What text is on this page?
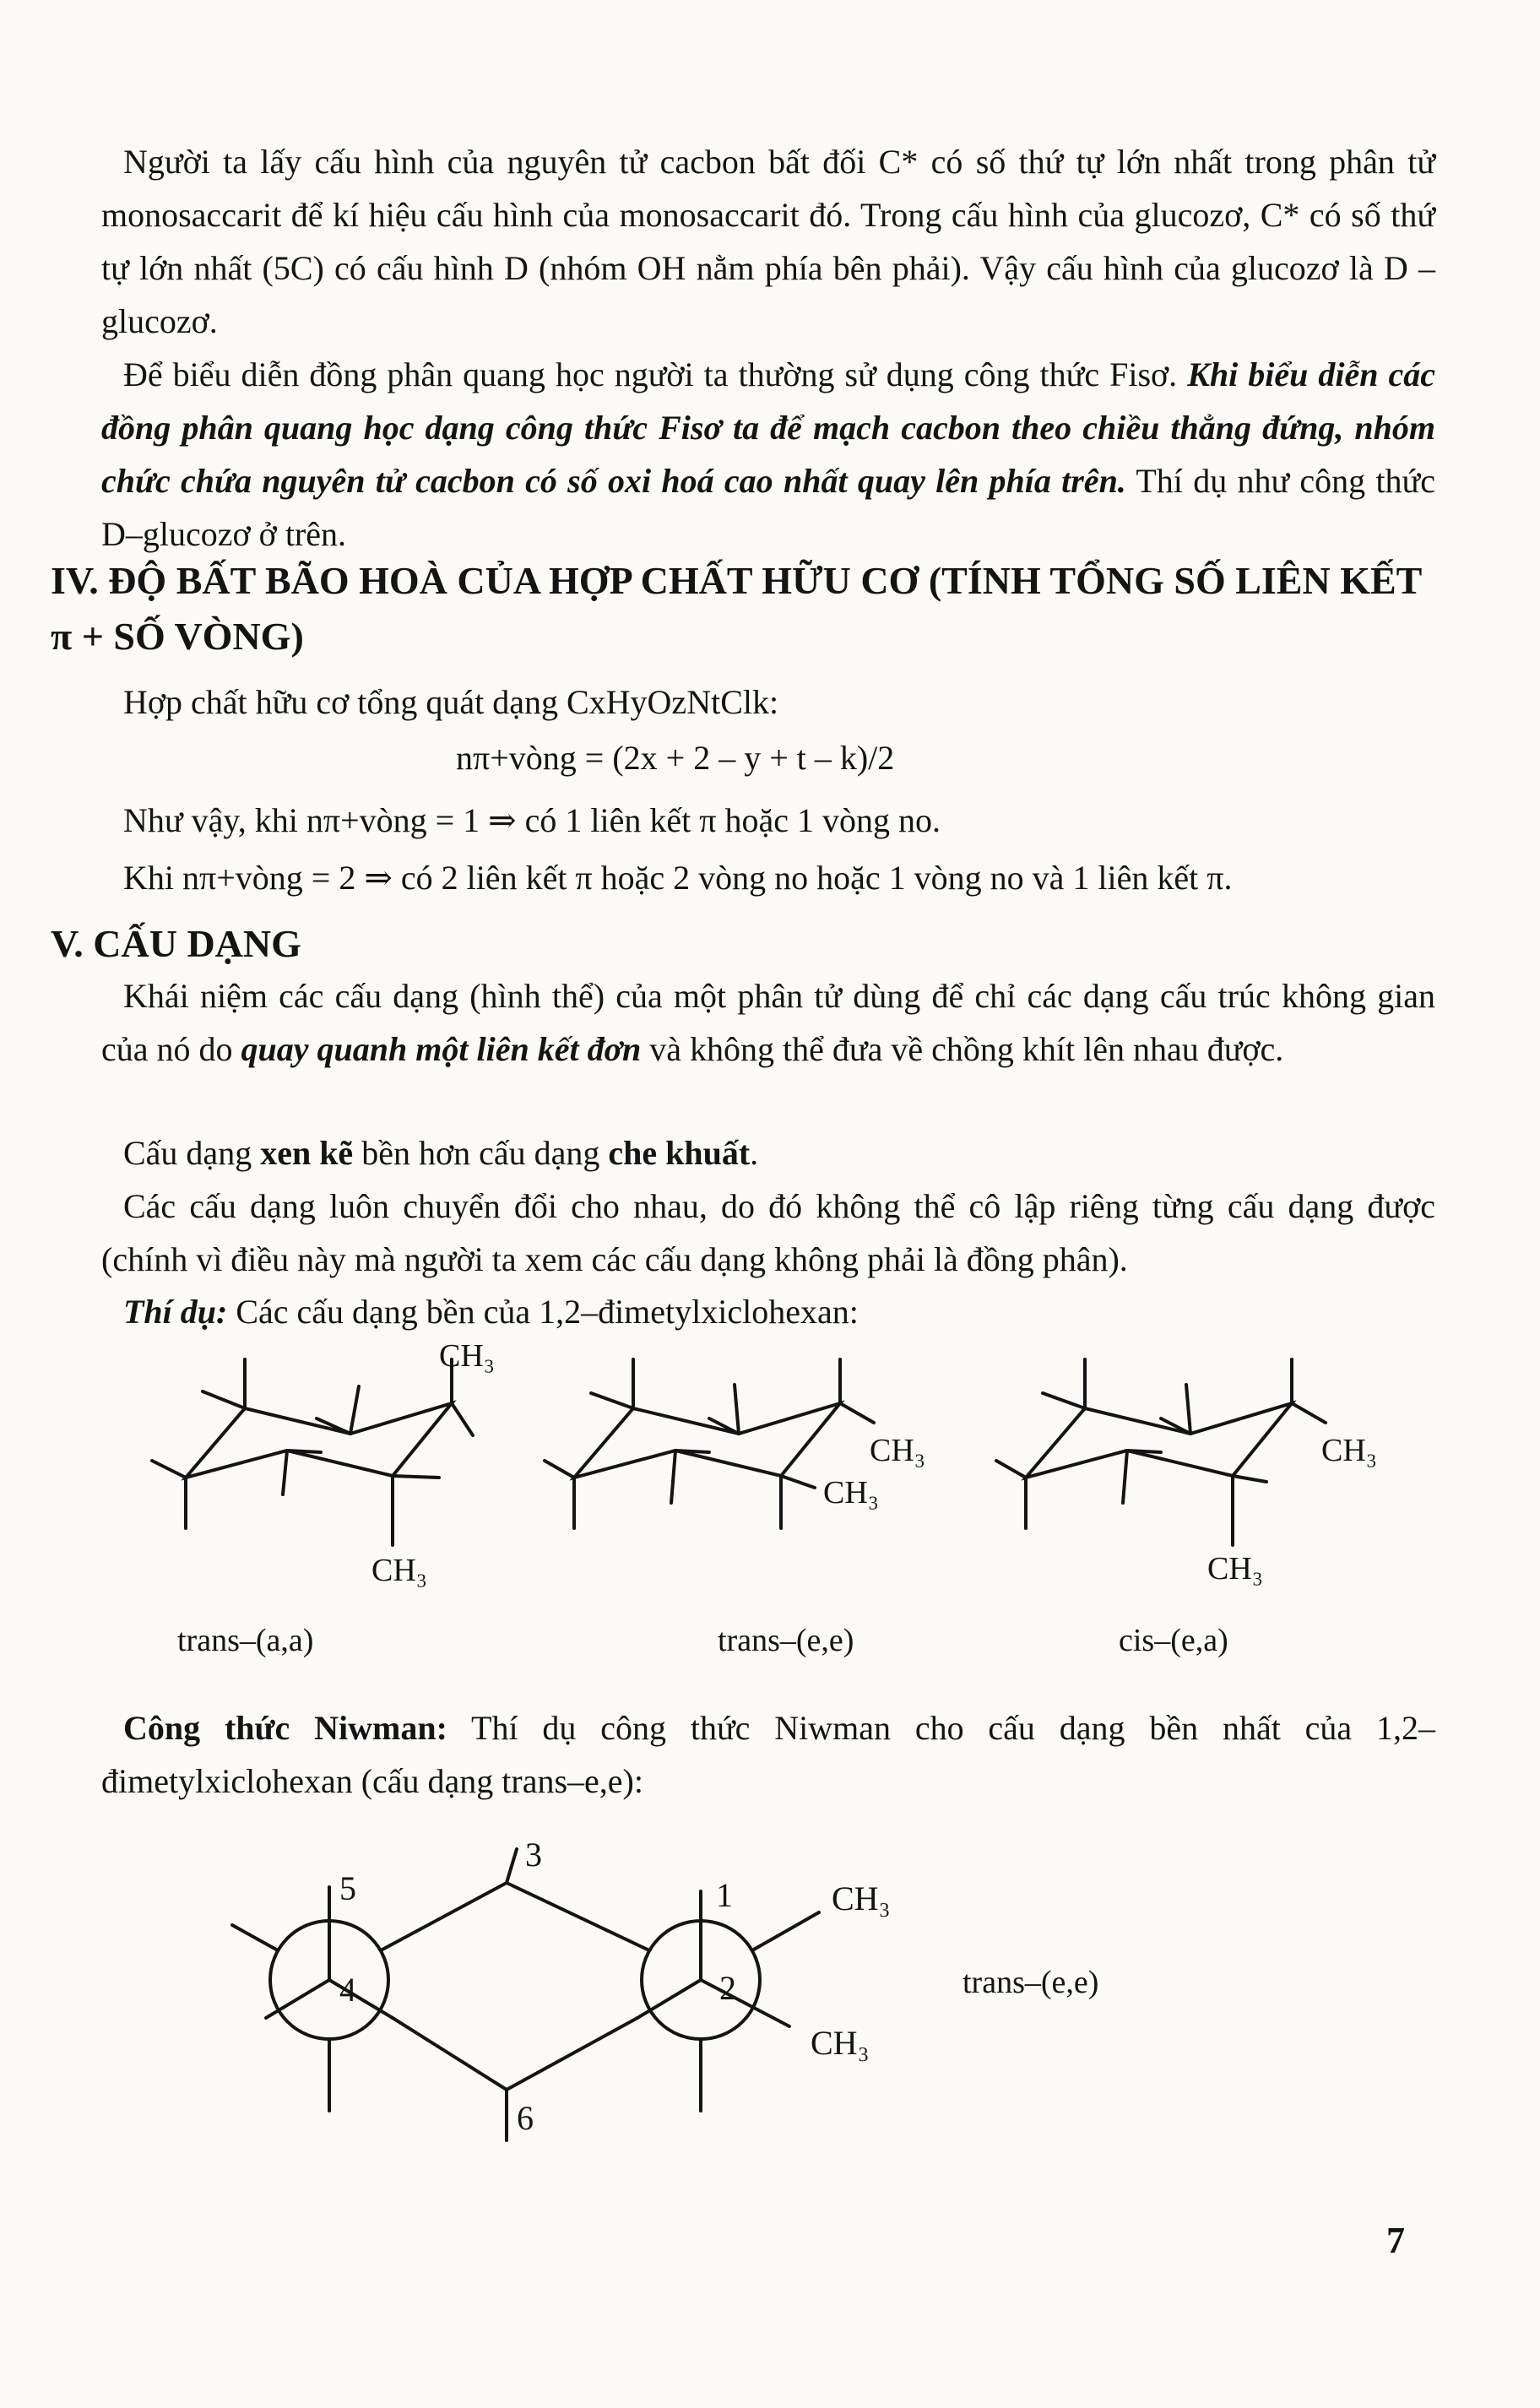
Người ta lấy cấu hình của nguyên tử cacbon bất đối C* có số thứ tự lớn nhất trong phân tử monosaccarit để kí hiệu cấu hình của monosaccarit đó. Trong cấu hình của glucozơ, C* có số thứ tự lớn nhất (5C) có cấu hình D (nhóm OH nằm phía bên phải). Vậy cấu hình của glucozơ là D – glucozơ.
Để biểu diễn đồng phân quang học người ta thường sử dụng công thức Fisơ. Khi biểu diễn các đồng phân quang học dạng công thức Fisơ ta để mạch cacbon theo chiều thẳng đứng, nhóm chức chứa nguyên tử cacbon có số oxi hoá cao nhất quay lên phía trên. Thí dụ như công thức D–glucozơ ở trên.
IV. ĐỘ BẤT BÃO HOÀ CỦA HỢP CHẤT HỮU CƠ (TÍNH TỔNG SỐ LIÊN KẾT π + SỐ VÒNG)
Hợp chất hữu cơ tổng quát dạng CxHyOzNtClk:
nπ+vòng = (2x + 2 – y + t – k)/2
Như vậy, khi nπ+vòng = 1 ⇒ có 1 liên kết π hoặc 1 vòng no.
Khi nπ+vòng = 2 ⇒ có 2 liên kết π hoặc 2 vòng no hoặc 1 vòng no và 1 liên kết π.
V. CẤU DẠNG
Khái niệm các cấu dạng (hình thể) của một phân tử dùng để chỉ các dạng cấu trúc không gian của nó do quay quanh một liên kết đơn và không thể đưa về chồng khít lên nhau được.
Cấu dạng xen kẽ bền hơn cấu dạng che khuất.
Các cấu dạng luôn chuyển đổi cho nhau, do đó không thể cô lập riêng từng cấu dạng được (chính vì điều này mà người ta xem các cấu dạng không phải là đồng phân).
Thí dụ: Các cấu dạng bền của 1,2–đimetylxiclohexan:
CH₃
CH₃
CH₃
CH₃
CH₃
CH₃
trans–(a,a)	trans–(e,e)	cis–(e,a)
Công thức Niwman: Thí dụ công thức Niwman cho cấu dạng bền nhất của 1,2–đimetylxiclohexan (cấu dạng trans–e,e):
5
4
3
1
2
6
CH₃
CH₃
trans–(e,e)
7
